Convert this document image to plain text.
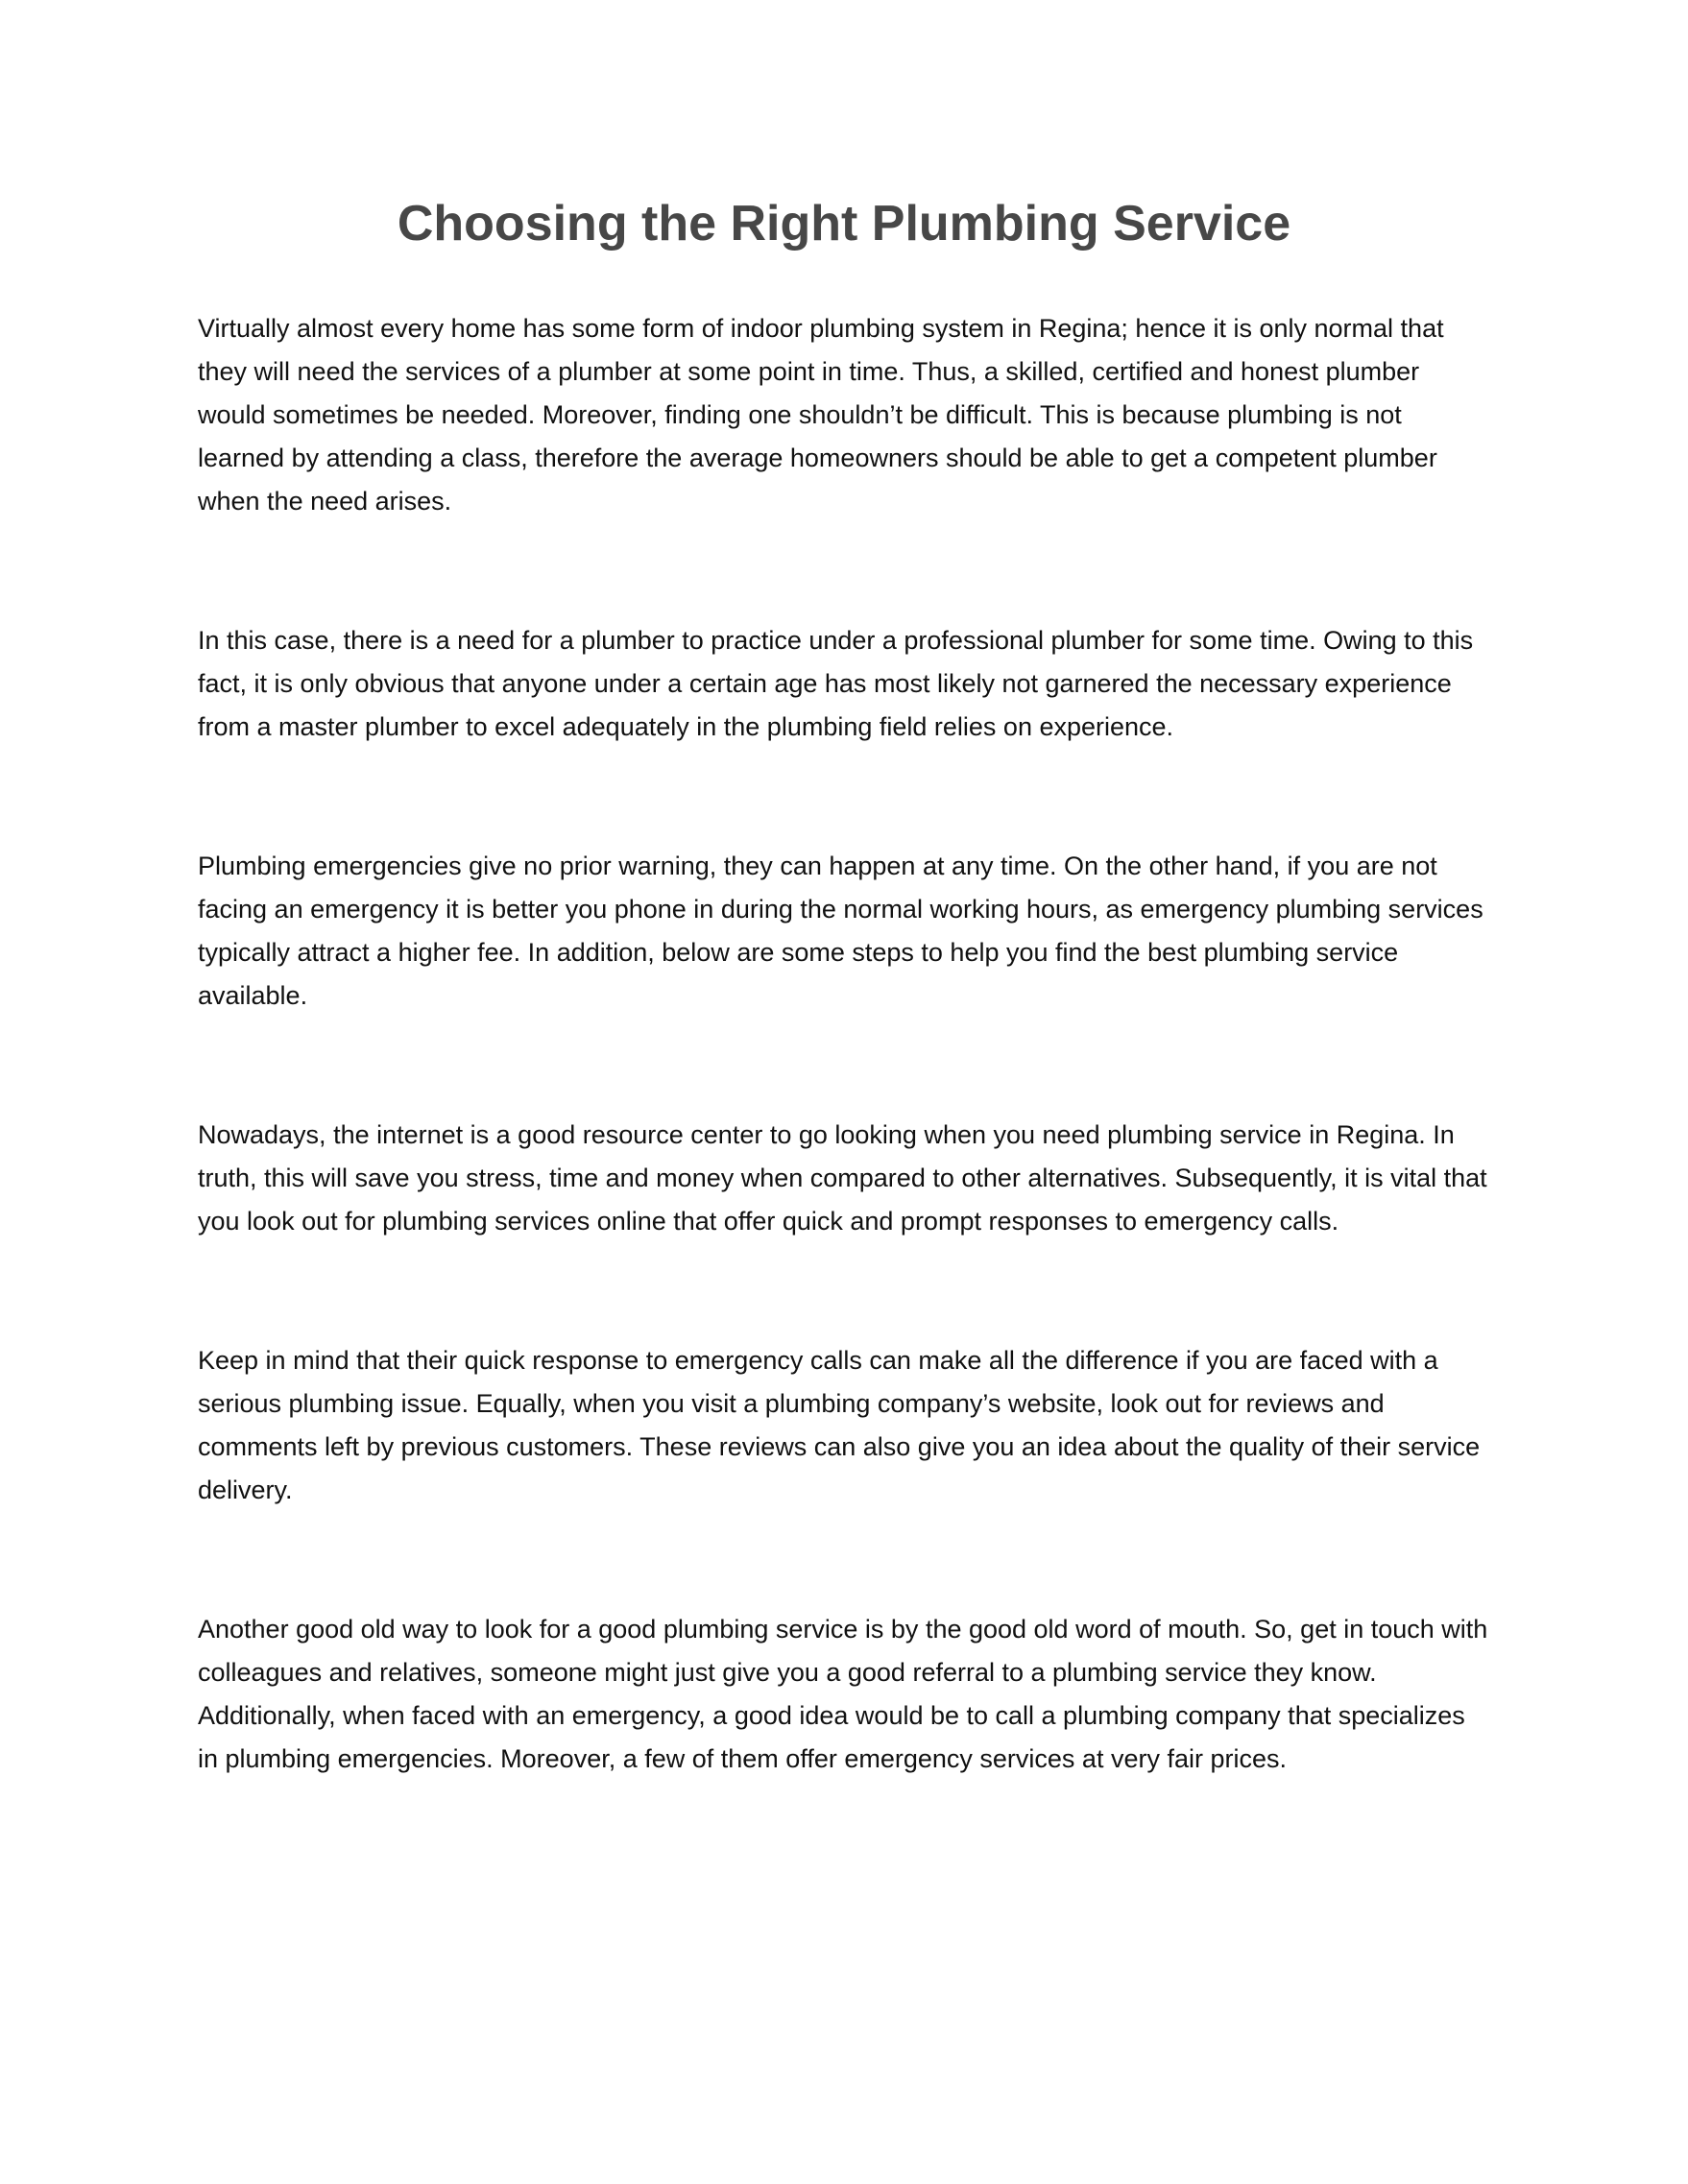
Choosing the Right Plumbing Service

Virtually almost every home has some form of indoor plumbing system in Regina; hence it is only normal that they will need the services of a plumber at some point in time. Thus, a skilled, certified and honest plumber would sometimes be needed. Moreover, finding one shouldn’t be difficult. This is because plumbing is not learned by attending a class, therefore the average homeowners should be able to get a competent plumber when the need arises.

In this case, there is a need for a plumber to practice under a professional plumber for some time. Owing to this fact, it is only obvious that anyone under a certain age has most likely not garnered the necessary experience from a master plumber to excel adequately in the plumbing field relies on experience.

Plumbing emergencies give no prior warning, they can happen at any time. On the other hand, if you are not facing an emergency it is better you phone in during the normal working hours, as emergency plumbing services typically attract a higher fee. In addition, below are some steps to help you find the best plumbing service available.

Nowadays, the internet is a good resource center to go looking when you need plumbing service in Regina. In truth, this will save you stress, time and money when compared to other alternatives. Subsequently, it is vital that you look out for plumbing services online that offer quick and prompt responses to emergency calls.

Keep in mind that their quick response to emergency calls can make all the difference if you are faced with a serious plumbing issue. Equally, when you visit a plumbing company’s website, look out for reviews and comments left by previous customers. These reviews can also give you an idea about the quality of their service delivery.

Another good old way to look for a good plumbing service is by the good old word of mouth. So, get in touch with colleagues and relatives, someone might just give you a good referral to a plumbing service they know. Additionally, when faced with an emergency, a good idea would be to call a plumbing company that specializes in plumbing emergencies. Moreover, a few of them offer emergency services at very fair prices.
